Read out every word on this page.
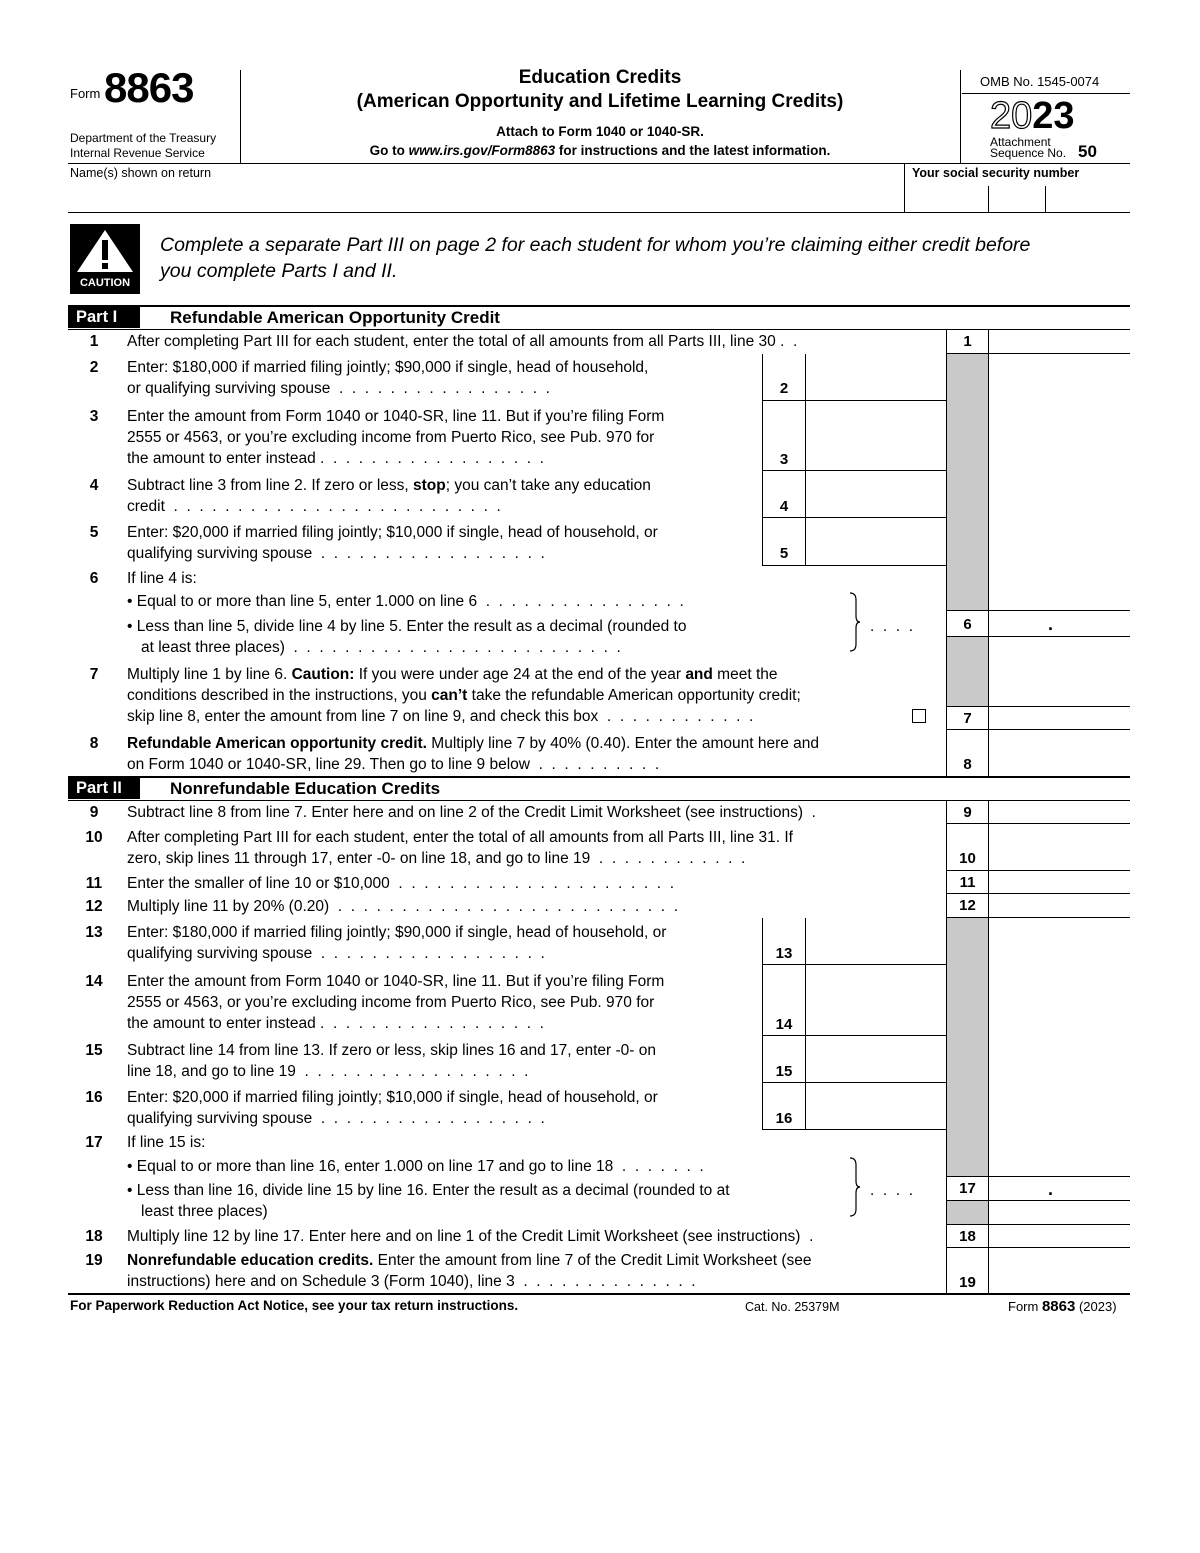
Form 8863
Department of the Treasury
Internal Revenue Service
Education Credits
(American Opportunity and Lifetime Learning Credits)
Attach to Form 1040 or 1040-SR.
Go to www.irs.gov/Form8863 for instructions and the latest information.
OMB No. 1545-0074
2023
Attachment
Sequence No. 50
Name(s) shown on return	Your social security number
CAUTION
Complete a separate Part III on page 2 for each student for whom you’re claiming either credit before
you complete Parts I and II.
Part I	Refundable American Opportunity Credit
1	After completing Part III for each student, enter the total of all amounts from all Parts III, line 30 .  .	1
2	Enter: $180,000 if married filing jointly; $90,000 if single, head of household,
or qualifying surviving spouse  .  .  .  .  .  .  .  .  .  .  .  .  .  .  .  .  .	2
3	Enter the amount from Form 1040 or 1040-SR, line 11. But if you’re filing Form
2555 or 4563, or you’re excluding income from Puerto Rico, see Pub. 970 for
the amount to enter instead .  .  .  .  .  .  .  .  .  .  .  .  .  .  .  .  .  .	3
4	Subtract line 3 from line 2. If zero or less, stop; you can’t take any education
credit  .  .  .  .  .  .  .  .  .  .  .  .  .  .  .  .  .  .  .  .  .  .  .  .  .  .	4
5	Enter: $20,000 if married filing jointly; $10,000 if single, head of household, or
qualifying surviving spouse  .  .  .  .  .  .  .  .  .  .  .  .  .  .  .  .  .  .	5
6	If line 4 is:
• Equal to or more than line 5, enter 1.000 on line 6  .  .  .  .  .  .  .  .  .  .  .  .  .  .  .  .
• Less than line 5, divide line 4 by line 5. Enter the result as a decimal (rounded to
at least three places)  .  .  .  .  .  .  .  .  .  .  .  .  .  .  .  .  .  .  .  .  .  .  .  .  .  .
.  .  .  .	6	.
7	Multiply line 1 by line 6. Caution: If you were under age 24 at the end of the year and meet the
conditions described in the instructions, you can’t take the refundable American opportunity credit;
skip line 8, enter the amount from line 7 on line 9, and check this box  .  .  .  .  .  .  .  .  .  .  .  .	7
8	Refundable American opportunity credit. Multiply line 7 by 40% (0.40). Enter the amount here and
on Form 1040 or 1040-SR, line 29. Then go to line 9 below  .  .  .  .  .  .  .  .  .  .	8
Part II	Nonrefundable Education Credits
9	Subtract line 8 from line 7. Enter here and on line 2 of the Credit Limit Worksheet (see instructions)  .	9
10	After completing Part III for each student, enter the total of all amounts from all Parts III, line 31. If
zero, skip lines 11 through 17, enter -0- on line 18, and go to line 19  .  .  .  .  .  .  .  .  .  .  .  .	10
11	Enter the smaller of line 10 or $10,000  .  .  .  .  .  .  .  .  .  .  .  .  .  .  .  .  .  .  .  .  .  .	11
12	Multiply line 11 by 20% (0.20)  .  .  .  .  .  .  .  .  .  .  .  .  .  .  .  .  .  .  .  .  .  .  .  .  .  .  .	12
13	Enter: $180,000 if married filing jointly; $90,000 if single, head of household, or
qualifying surviving spouse  .  .  .  .  .  .  .  .  .  .  .  .  .  .  .  .  .  .	13
14	Enter the amount from Form 1040 or 1040-SR, line 11. But if you’re filing Form
2555 or 4563, or you’re excluding income from Puerto Rico, see Pub. 970 for
the amount to enter instead .  .  .  .  .  .  .  .  .  .  .  .  .  .  .  .  .  .	14
15	Subtract line 14 from line 13. If zero or less, skip lines 16 and 17, enter -0- on
line 18, and go to line 19  .  .  .  .  .  .  .  .  .  .  .  .  .  .  .  .  .  .	15
16	Enter: $20,000 if married filing jointly; $10,000 if single, head of household, or
qualifying surviving spouse  .  .  .  .  .  .  .  .  .  .  .  .  .  .  .  .  .  .	16
17	If line 15 is:
• Equal to or more than line 16, enter 1.000 on line 17 and go to line 18  .  .  .  .  .  .  .
• Less than line 16, divide line 15 by line 16. Enter the result as a decimal (rounded to at
least three places)
.  .  .  .	17	.
18	Multiply line 12 by line 17. Enter here and on line 1 of the Credit Limit Worksheet (see instructions)  .	18
19	Nonrefundable education credits. Enter the amount from line 7 of the Credit Limit Worksheet (see
instructions) here and on Schedule 3 (Form 1040), line 3  .  .  .  .  .  .  .  .  .  .  .  .  .  .	19
For Paperwork Reduction Act Notice, see your tax return instructions.	Cat. No. 25379M	Form 8863 (2023)
